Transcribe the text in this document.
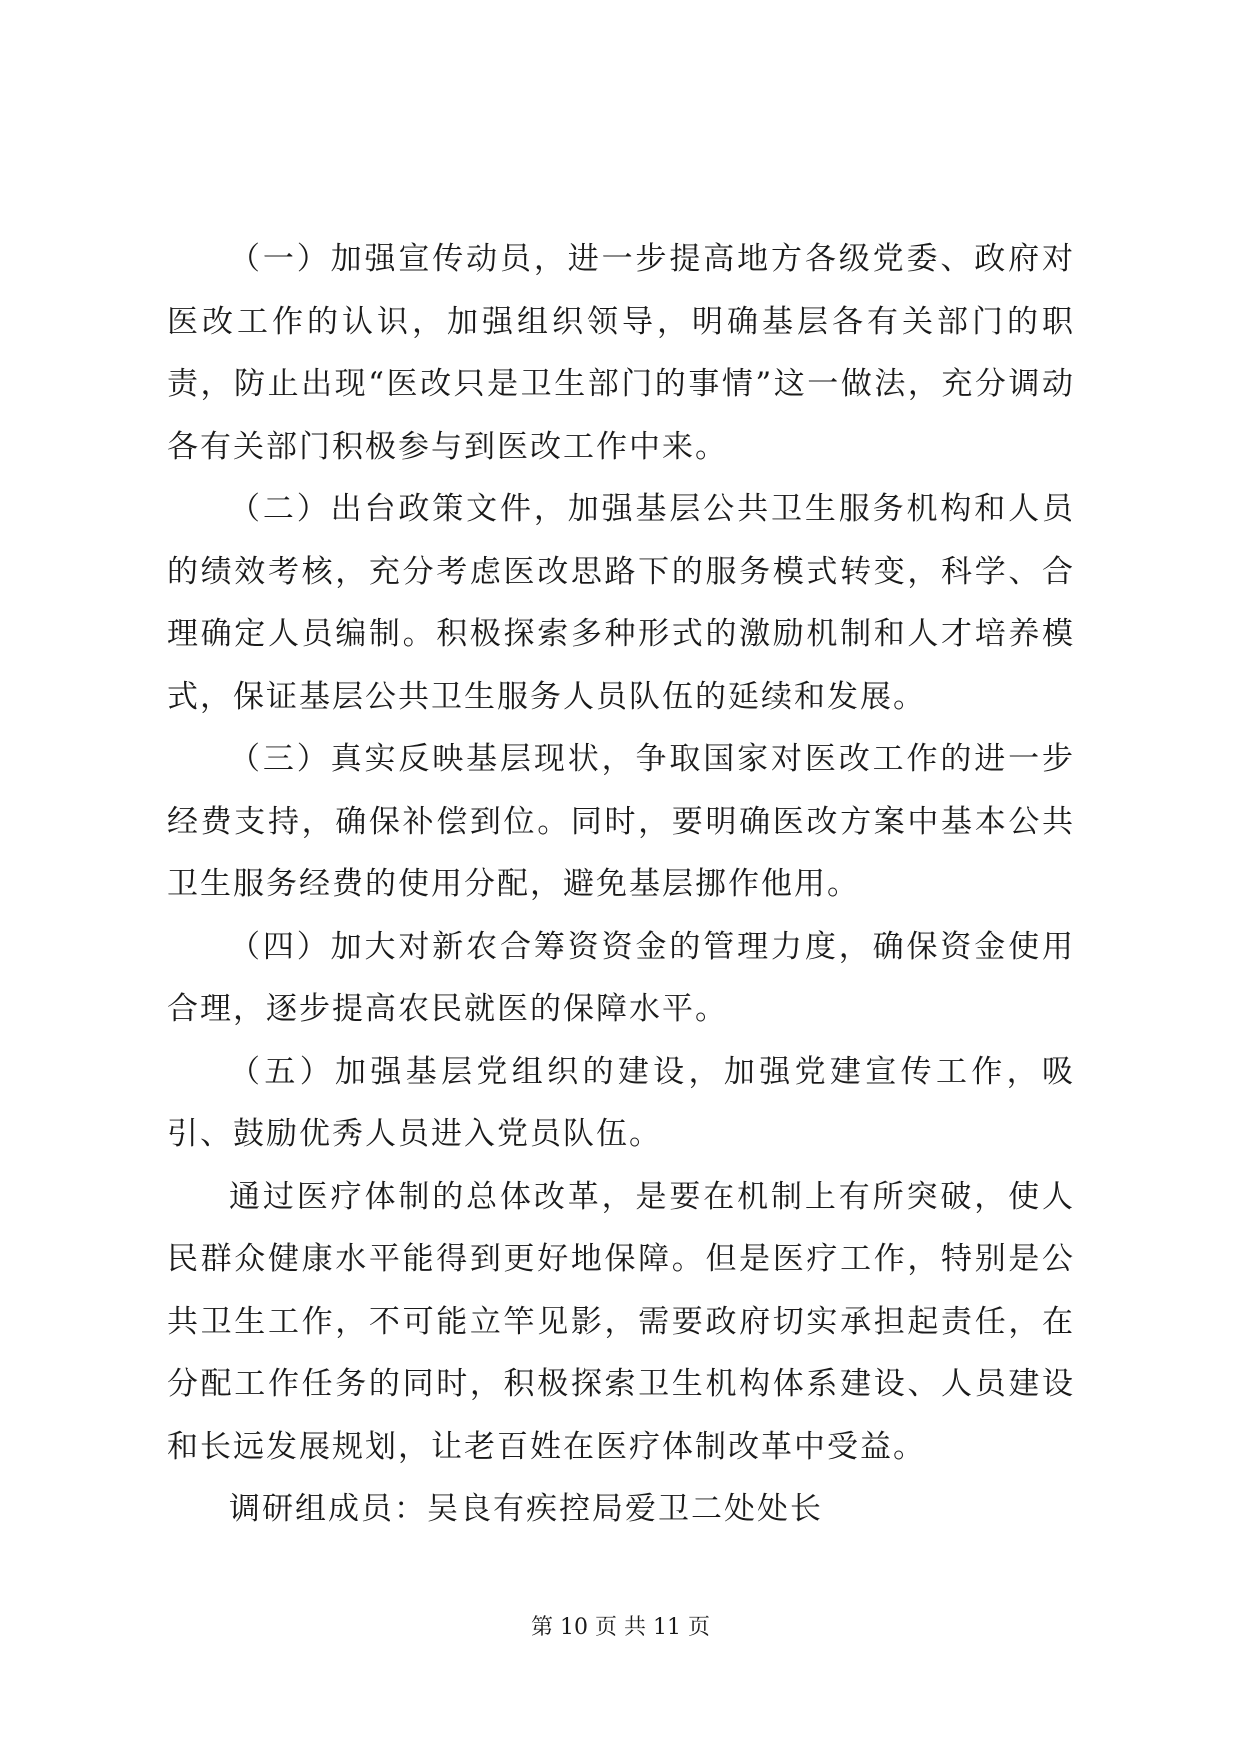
（一）加强宣传动员，进一步提高地方各级党委、政府对医改工作的认识，加强组织领导，明确基层各有关部门的职责，防止出现“医改只是卫生部门的事情”这一做法，充分调动各有关部门积极参与到医改工作中来。

（二）出台政策文件，加强基层公共卫生服务机构和人员的绩效考核，充分考虑医改思路下的服务模式转变，科学、合理确定人员编制。积极探索多种形式的激励机制和人才培养模式，保证基层公共卫生服务人员队伍的延续和发展。

（三）真实反映基层现状，争取国家对医改工作的进一步经费支持，确保补偿到位。同时，要明确医改方案中基本公共卫生服务经费的使用分配，避免基层挪作他用。

（四）加大对新农合筹资资金的管理力度，确保资金使用合理，逐步提高农民就医的保障水平。

（五）加强基层党组织的建设，加强党建宣传工作，吸引、鼓励优秀人员进入党员队伍。

通过医疗体制的总体改革，是要在机制上有所突破，使人民群众健康水平能得到更好地保障。但是医疗工作，特别是公共卫生工作，不可能立竿见影，需要政府切实承担起责任，在分配工作任务的同时，积极探索卫生机构体系建设、人员建设和长远发展规划，让老百姓在医疗体制改革中受益。

调研组成员：吴良有疾控局爱卫二处处长

第 10 页 共 11 页
